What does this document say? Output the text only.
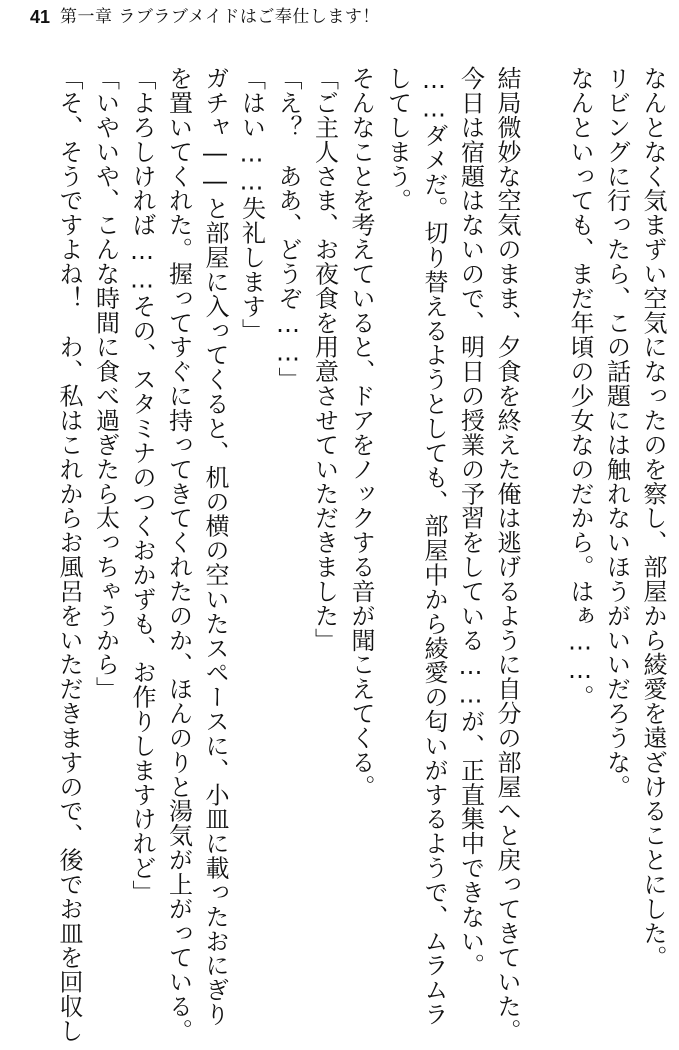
41 第一章 ラブラブメイドはご奉仕します！
なんとなく気まずい空気になったのを察し、部屋から綾愛を遠ざけることにした。
リビングに行ったら、この話題には触れないほうがいいだろうな。
なんといっても、まだ年頃の少女なのだから。はぁ……。
結局微妙な空気のまま、夕食を終えた俺は逃げるように自分の部屋へと戻ってきていた。
今日は宿題はないので、明日の授業の予習をしている……が、正直集中できない。
……ダメだ。切り替えるようとしても、部屋中から綾愛の匂いがするようで、ムラムラ
してしまう。
そんなことを考えていると、ドアをノックする音が聞こえてくる。
「ご主人さま、お夜食を用意させていただきました」
「え？　ああ、どうぞ……」
「はい……失礼します」
ガチャ――と部屋に入ってくると、机の横の空いたスペースに、小皿に載ったおにぎり
を置いてくれた。握ってすぐに持ってきてくれたのか、ほんのりと湯気が上がっている。
「よろしければ……その、スタミナのつくおかずも、お作りしますけれど」
「いやいや、こんな時間に食べ過ぎたら太っちゃうから」
「そ、そうですよね！　わ、私はこれからお風呂をいただきますので、後でお皿を回収し
